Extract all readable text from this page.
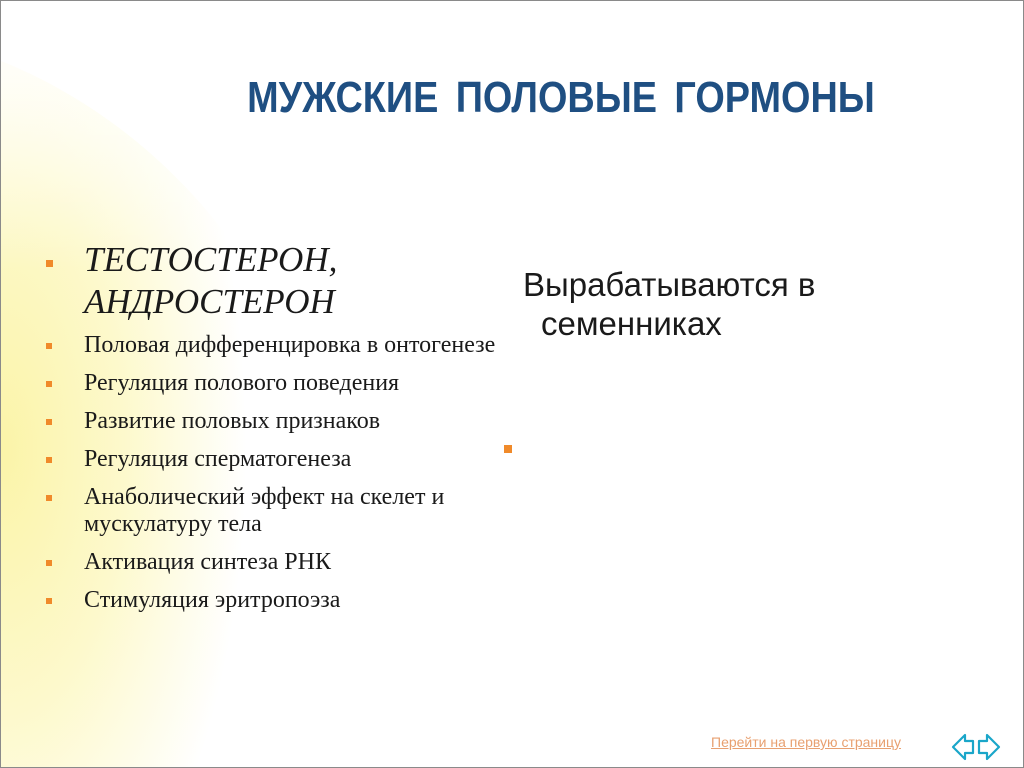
МУЖСКИЕ ПОЛОВЫЕ ГОРМОНЫ
ТЕСТОСТЕРОН, АНДРОСТЕРОН
Половая дифференцировка в онтогенезе
Регуляция полового поведения
Развитие половых признаков
Регуляция сперматогенеза
Анаболический эффект на скелет и мускулатуру тела
Активация синтеза РНК
Стимуляция эритропоэза
Вырабатываются в
семенниках
Перейти на первую страницу
